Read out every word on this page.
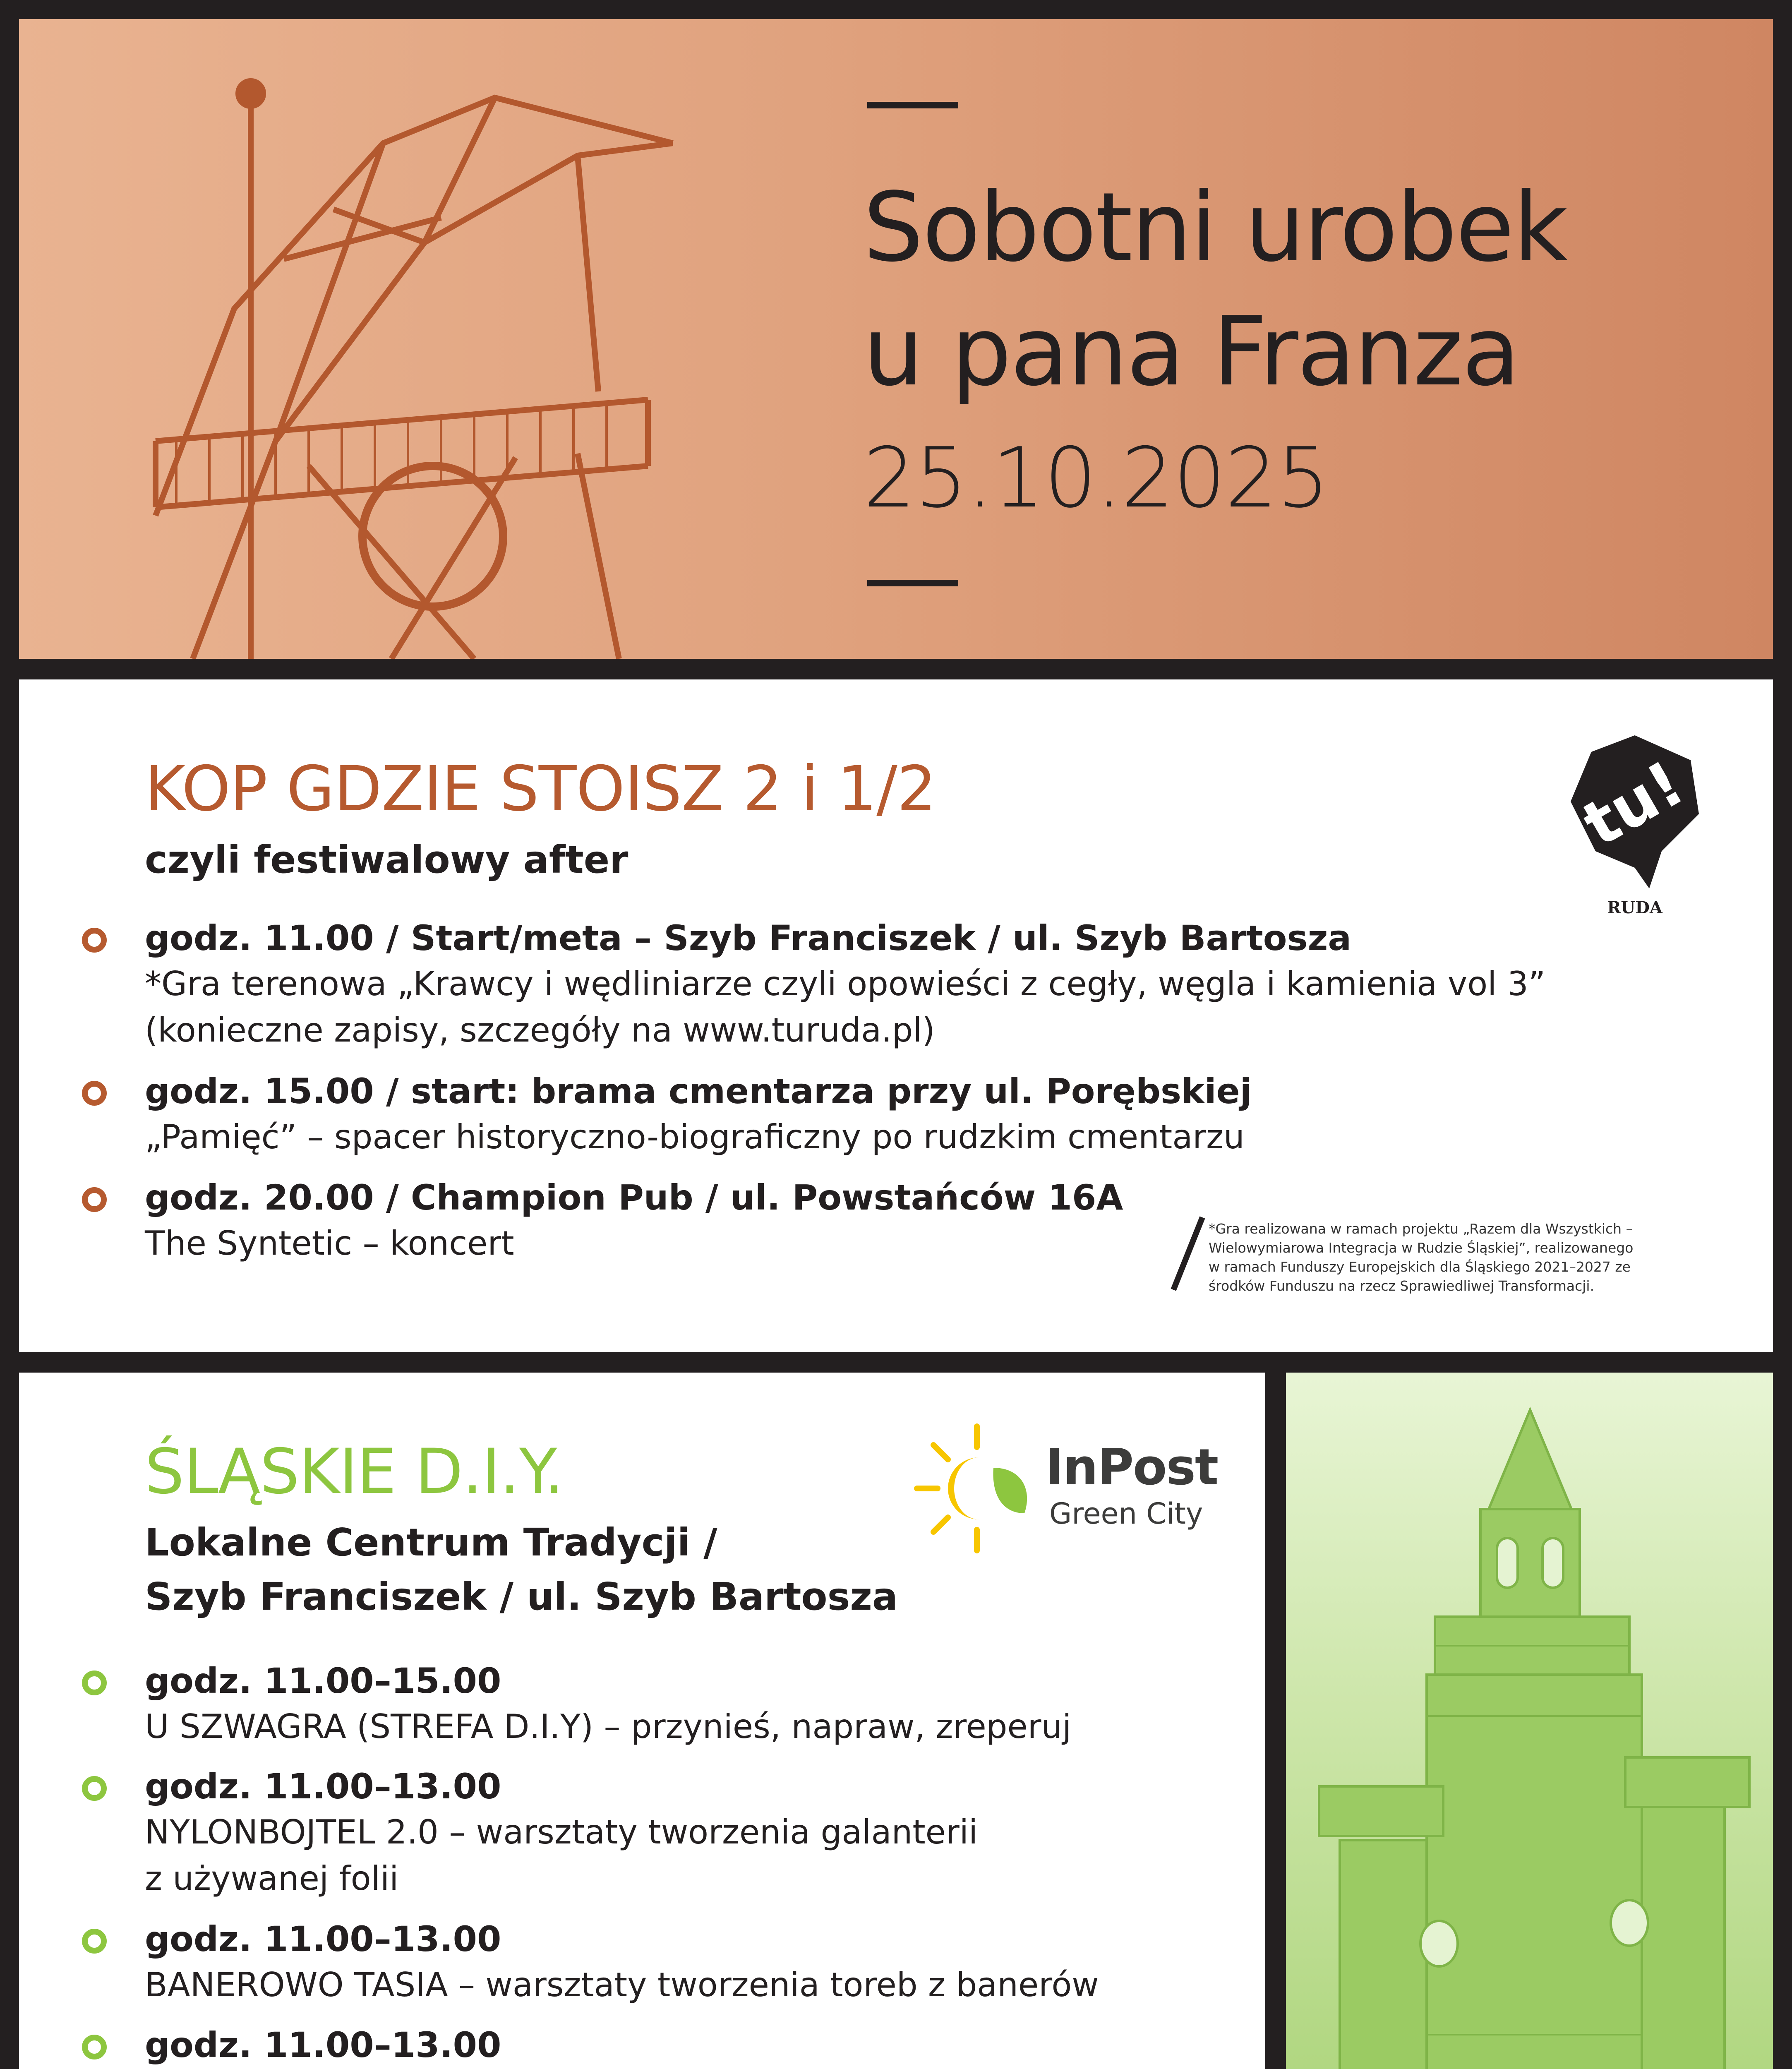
Sobotni urobek
u pana Franza
25.10.2025
KOP GDZIE STOISZ 2 i 1/2
czyli festiwalowy after
godz. 11.00 / Start/meta – Szyb Franciszek / ul. Szyb Bartosza
*Gra terenowa „Krawcy i wędliniarze czyli opowieści z cegły, węgla i kamienia vol 3”
(konieczne zapisy, szczegóły na www.turuda.pl)
godz. 15.00 / start: brama cmentarza przy ul. Porębskiej
„Pamięć” – spacer historyczno-biograficzny po rudzkim cmentarzu
godz. 20.00 / Champion Pub / ul. Powstańców 16A
The Syntetic – koncert
tu!
RUDA
*Gra realizowana w ramach projektu „Razem dla Wszystkich –
Wielowymiarowa Integracja w Rudzie Śląskiej”, realizowanego
w ramach Funduszy Europejskich dla Śląskiego 2021–2027 ze
środków Funduszu na rzecz Sprawiedliwej Transformacji.
ŚLĄSKIE D.I.Y.
Lokalne Centrum Tradycji /
Szyb Franciszek / ul. Szyb Bartosza
InPost
Green City
godz. 11.00–15.00
U SZWAGRA (STREFA D.I.Y) – przynieś, napraw, zreperuj
godz. 11.00–13.00
NYLONBOJTEL 2.0 – warsztaty tworzenia galanterii
z używanej folii
godz. 11.00–13.00
BANEROWO TASIA – warsztaty tworzenia toreb z banerów
godz. 11.00–13.00
